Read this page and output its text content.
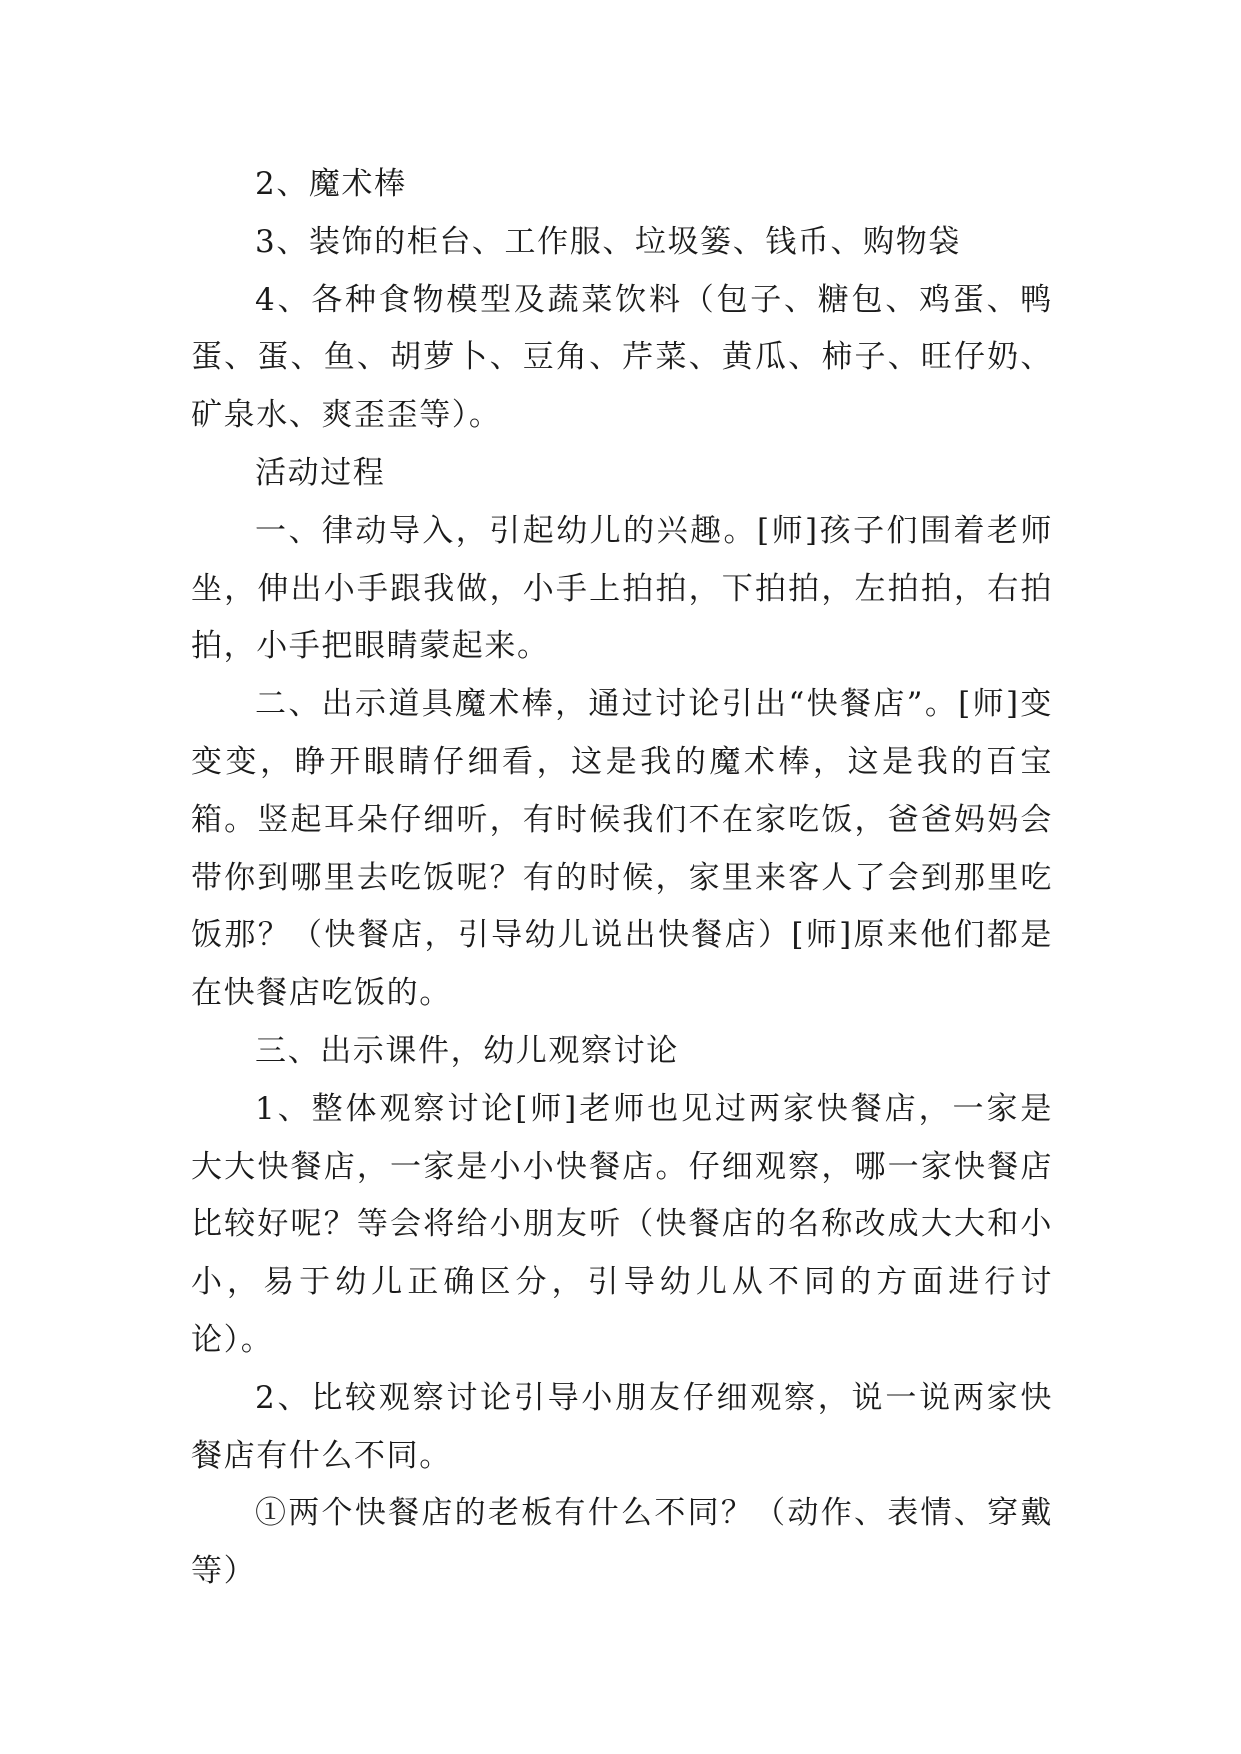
2、魔术棒

3、装饰的柜台、工作服、垃圾篓、钱币、购物袋

4、各种食物模型及蔬菜饮料（包子、糖包、鸡蛋、鸭蛋、蛋、鱼、胡萝卜、豆角、芹菜、黄瓜、柿子、旺仔奶、矿泉水、爽歪歪等）。

活动过程

一、律动导入，引起幼儿的兴趣。[师]孩子们围着老师坐，伸出小手跟我做，小手上拍拍，下拍拍，左拍拍，右拍拍，小手把眼睛蒙起来。

二、出示道具魔术棒，通过讨论引出“快餐店”。[师]变变变，睁开眼睛仔细看，这是我的魔术棒，这是我的百宝箱。竖起耳朵仔细听，有时候我们不在家吃饭，爸爸妈妈会带你到哪里去吃饭呢？有的时候，家里来客人了会到那里吃饭那？（快餐店，引导幼儿说出快餐店）[师]原来他们都是在快餐店吃饭的。

三、出示课件，幼儿观察讨论

1、整体观察讨论[师]老师也见过两家快餐店，一家是大大快餐店，一家是小小快餐店。仔细观察，哪一家快餐店比较好呢？等会将给小朋友听（快餐店的名称改成大大和小小，易于幼儿正确区分，引导幼儿从不同的方面进行讨论）。

2、比较观察讨论引导小朋友仔细观察，说一说两家快餐店有什么不同。

①两个快餐店的老板有什么不同？（动作、表情、穿戴等）
